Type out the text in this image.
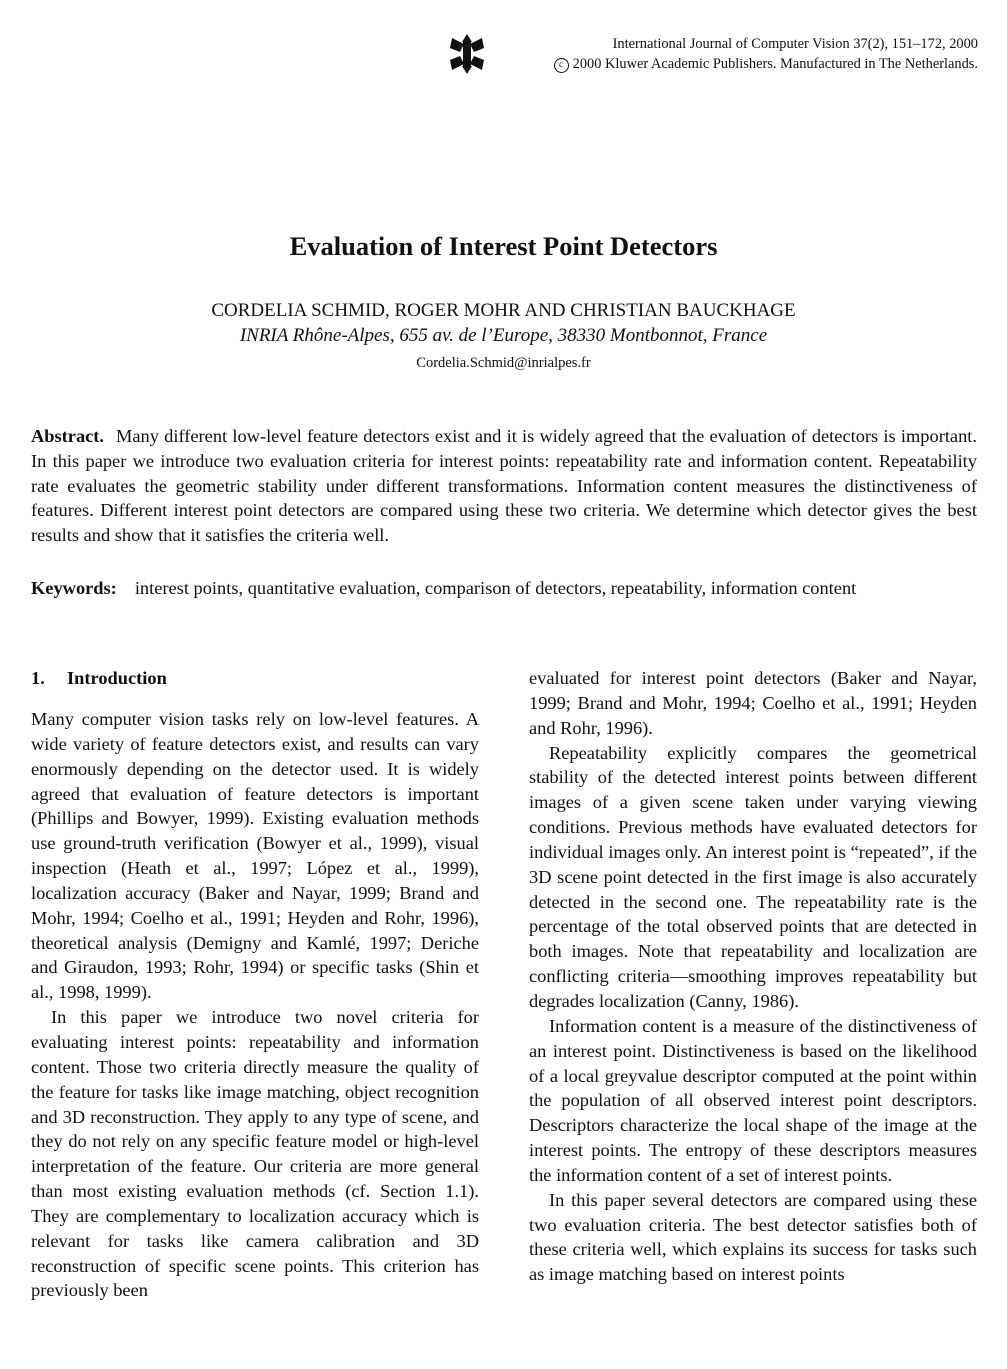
International Journal of Computer Vision 37(2), 151–172, 2000
c 2000 Kluwer Academic Publishers. Manufactured in The Netherlands.
Evaluation of Interest Point Detectors
CORDELIA SCHMID, ROGER MOHR AND CHRISTIAN BAUCKHAGE
INRIA Rhône-Alpes, 655 av. de l’Europe, 38330 Montbonnot, France
Cordelia.Schmid@inrialpes.fr
Abstract. Many different low-level feature detectors exist and it is widely agreed that the evaluation of detectors is important. In this paper we introduce two evaluation criteria for interest points: repeatability rate and information content. Repeatability rate evaluates the geometric stability under different transformations. Information content measures the distinctiveness of features. Different interest point detectors are compared using these two criteria. We determine which detector gives the best results and show that it satisfies the criteria well.
Keywords: interest points, quantitative evaluation, comparison of detectors, repeatability, information content
1. Introduction

Many computer vision tasks rely on low-level features. A wide variety of feature detectors exist, and results can vary enormously depending on the detector used. It is widely agreed that evaluation of feature detectors is important (Phillips and Bowyer, 1999). Existing evaluation methods use ground-truth verification (Bowyer et al., 1999), visual inspection (Heath et al., 1997; López et al., 1999), localization accuracy (Baker and Nayar, 1999; Brand and Mohr, 1994; Coelho et al., 1991; Heyden and Rohr, 1996), theoretical analysis (Demigny and Kamlé, 1997; Deriche and Giraudon, 1993; Rohr, 1994) or specific tasks (Shin et al., 1998, 1999).

In this paper we introduce two novel criteria for evaluating interest points: repeatability and information content. Those two criteria directly measure the quality of the feature for tasks like image matching, object recognition and 3D reconstruction. They apply to any type of scene, and they do not rely on any specific feature model or high-level interpretation of the feature. Our criteria are more general than most existing evaluation methods (cf. Section 1.1). They are complementary to localization accuracy which is relevant for tasks like camera calibration and 3D reconstruction of specific scene points. This criterion has previously been

evaluated for interest point detectors (Baker and Nayar, 1999; Brand and Mohr, 1994; Coelho et al., 1991; Heyden and Rohr, 1996).

Repeatability explicitly compares the geometrical stability of the detected interest points between different images of a given scene taken under varying viewing conditions. Previous methods have evaluated detectors for individual images only. An interest point is “repeated”, if the 3D scene point detected in the first image is also accurately detected in the second one. The repeatability rate is the percentage of the total observed points that are detected in both images. Note that repeatability and localization are conflicting criteria—smoothing improves repeatability but degrades localization (Canny, 1986).

Information content is a measure of the distinctiveness of an interest point. Distinctiveness is based on the likelihood of a local greyvalue descriptor computed at the point within the population of all observed interest point descriptors. Descriptors characterize the local shape of the image at the interest points. The entropy of these descriptors measures the information content of a set of interest points.

In this paper several detectors are compared using these two evaluation criteria. The best detector satisfies both of these criteria well, which explains its success for tasks such as image matching based on interest points
